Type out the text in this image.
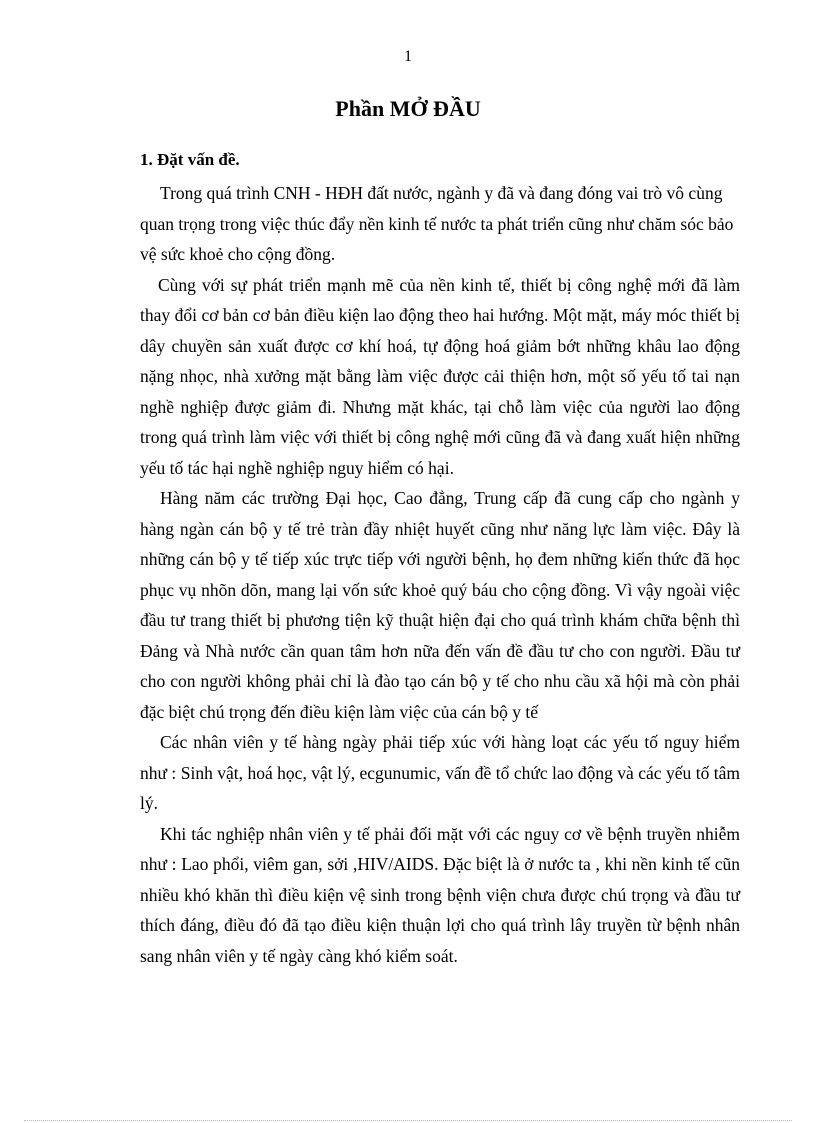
1
Phần MỞ ĐẦU
1. Đặt vấn đề.

Trong quá trình CNH - HĐH đất nước, ngành y đã và đang đóng vai trò vô cùng quan trọng trong việc thúc đẩy nền kinh tế nước ta phát triển cũng như chăm sóc bảo vệ sức khoẻ cho cộng đồng.

Cùng với sự phát triển mạnh mẽ của nền kinh tế, thiết bị công nghệ mới đã làm thay đổi cơ bản cơ bản điều kiện lao động theo hai hướng. Một mặt, máy móc thiết bị dây chuyền sản xuất được cơ khí hoá, tự động hoá giảm bớt những khâu lao động nặng nhọc, nhà xưởng mặt bằng làm việc được cải thiện hơn, một số yếu tố tai nạn nghề nghiệp được giảm đi. Nhưng mặt khác, tại chỗ làm việc của người lao động trong quá trình làm việc với thiết bị công nghệ mới cũng đã và đang xuất hiện những yếu tố tác hại nghề nghiệp nguy hiểm có hại.

Hàng năm các trường Đại học, Cao đẳng, Trung cấp đã cung cấp cho ngành y hàng ngàn cán bộ y tế trẻ tràn đầy nhiệt huyết cũng như năng lực làm việc. Đây là những cán bộ y tế tiếp xúc trực tiếp với người bệnh, họ đem những kiến thức đã học phục vụ nhõn dõn, mang lại vốn sức khoẻ quý báu cho cộng đồng. Vì vậy ngoài việc đầu tư trang thiết bị phương tiện kỹ thuật hiện đại cho quá trình khám chữa bệnh thì Đảng và Nhà nước cần quan tâm hơn nữa đến vấn đề đầu tư cho con người. Đầu tư cho con người không phải chỉ là đào tạo cán bộ y tế cho nhu cầu xã hội mà còn phải đặc biệt chú trọng đến điều kiện làm việc của cán bộ y tế

Các nhân viên y tế hàng ngày phải tiếp xúc với hàng loạt các yếu tố nguy hiểm như : Sinh vật, hoá học, vật lý, ecgunumic, vấn đề tổ chức lao động và các yếu tố tâm lý.

Khi tác nghiệp nhân viên y tế phải đối mặt với các nguy cơ về bệnh truyền nhiễm như : Lao phổi, viêm gan, sởi ,HIV/AIDS. Đặc biệt là ở nước ta , khi nền kinh tế cũn nhiều khó khăn thì điều kiện vệ sinh trong bệnh viện chưa được chú trọng và đầu tư thích đáng, điều đó đã tạo điều kiện thuận lợi cho quá trình lây truyền từ bệnh nhân sang nhân viên y tế ngày càng khó kiểm soát.
